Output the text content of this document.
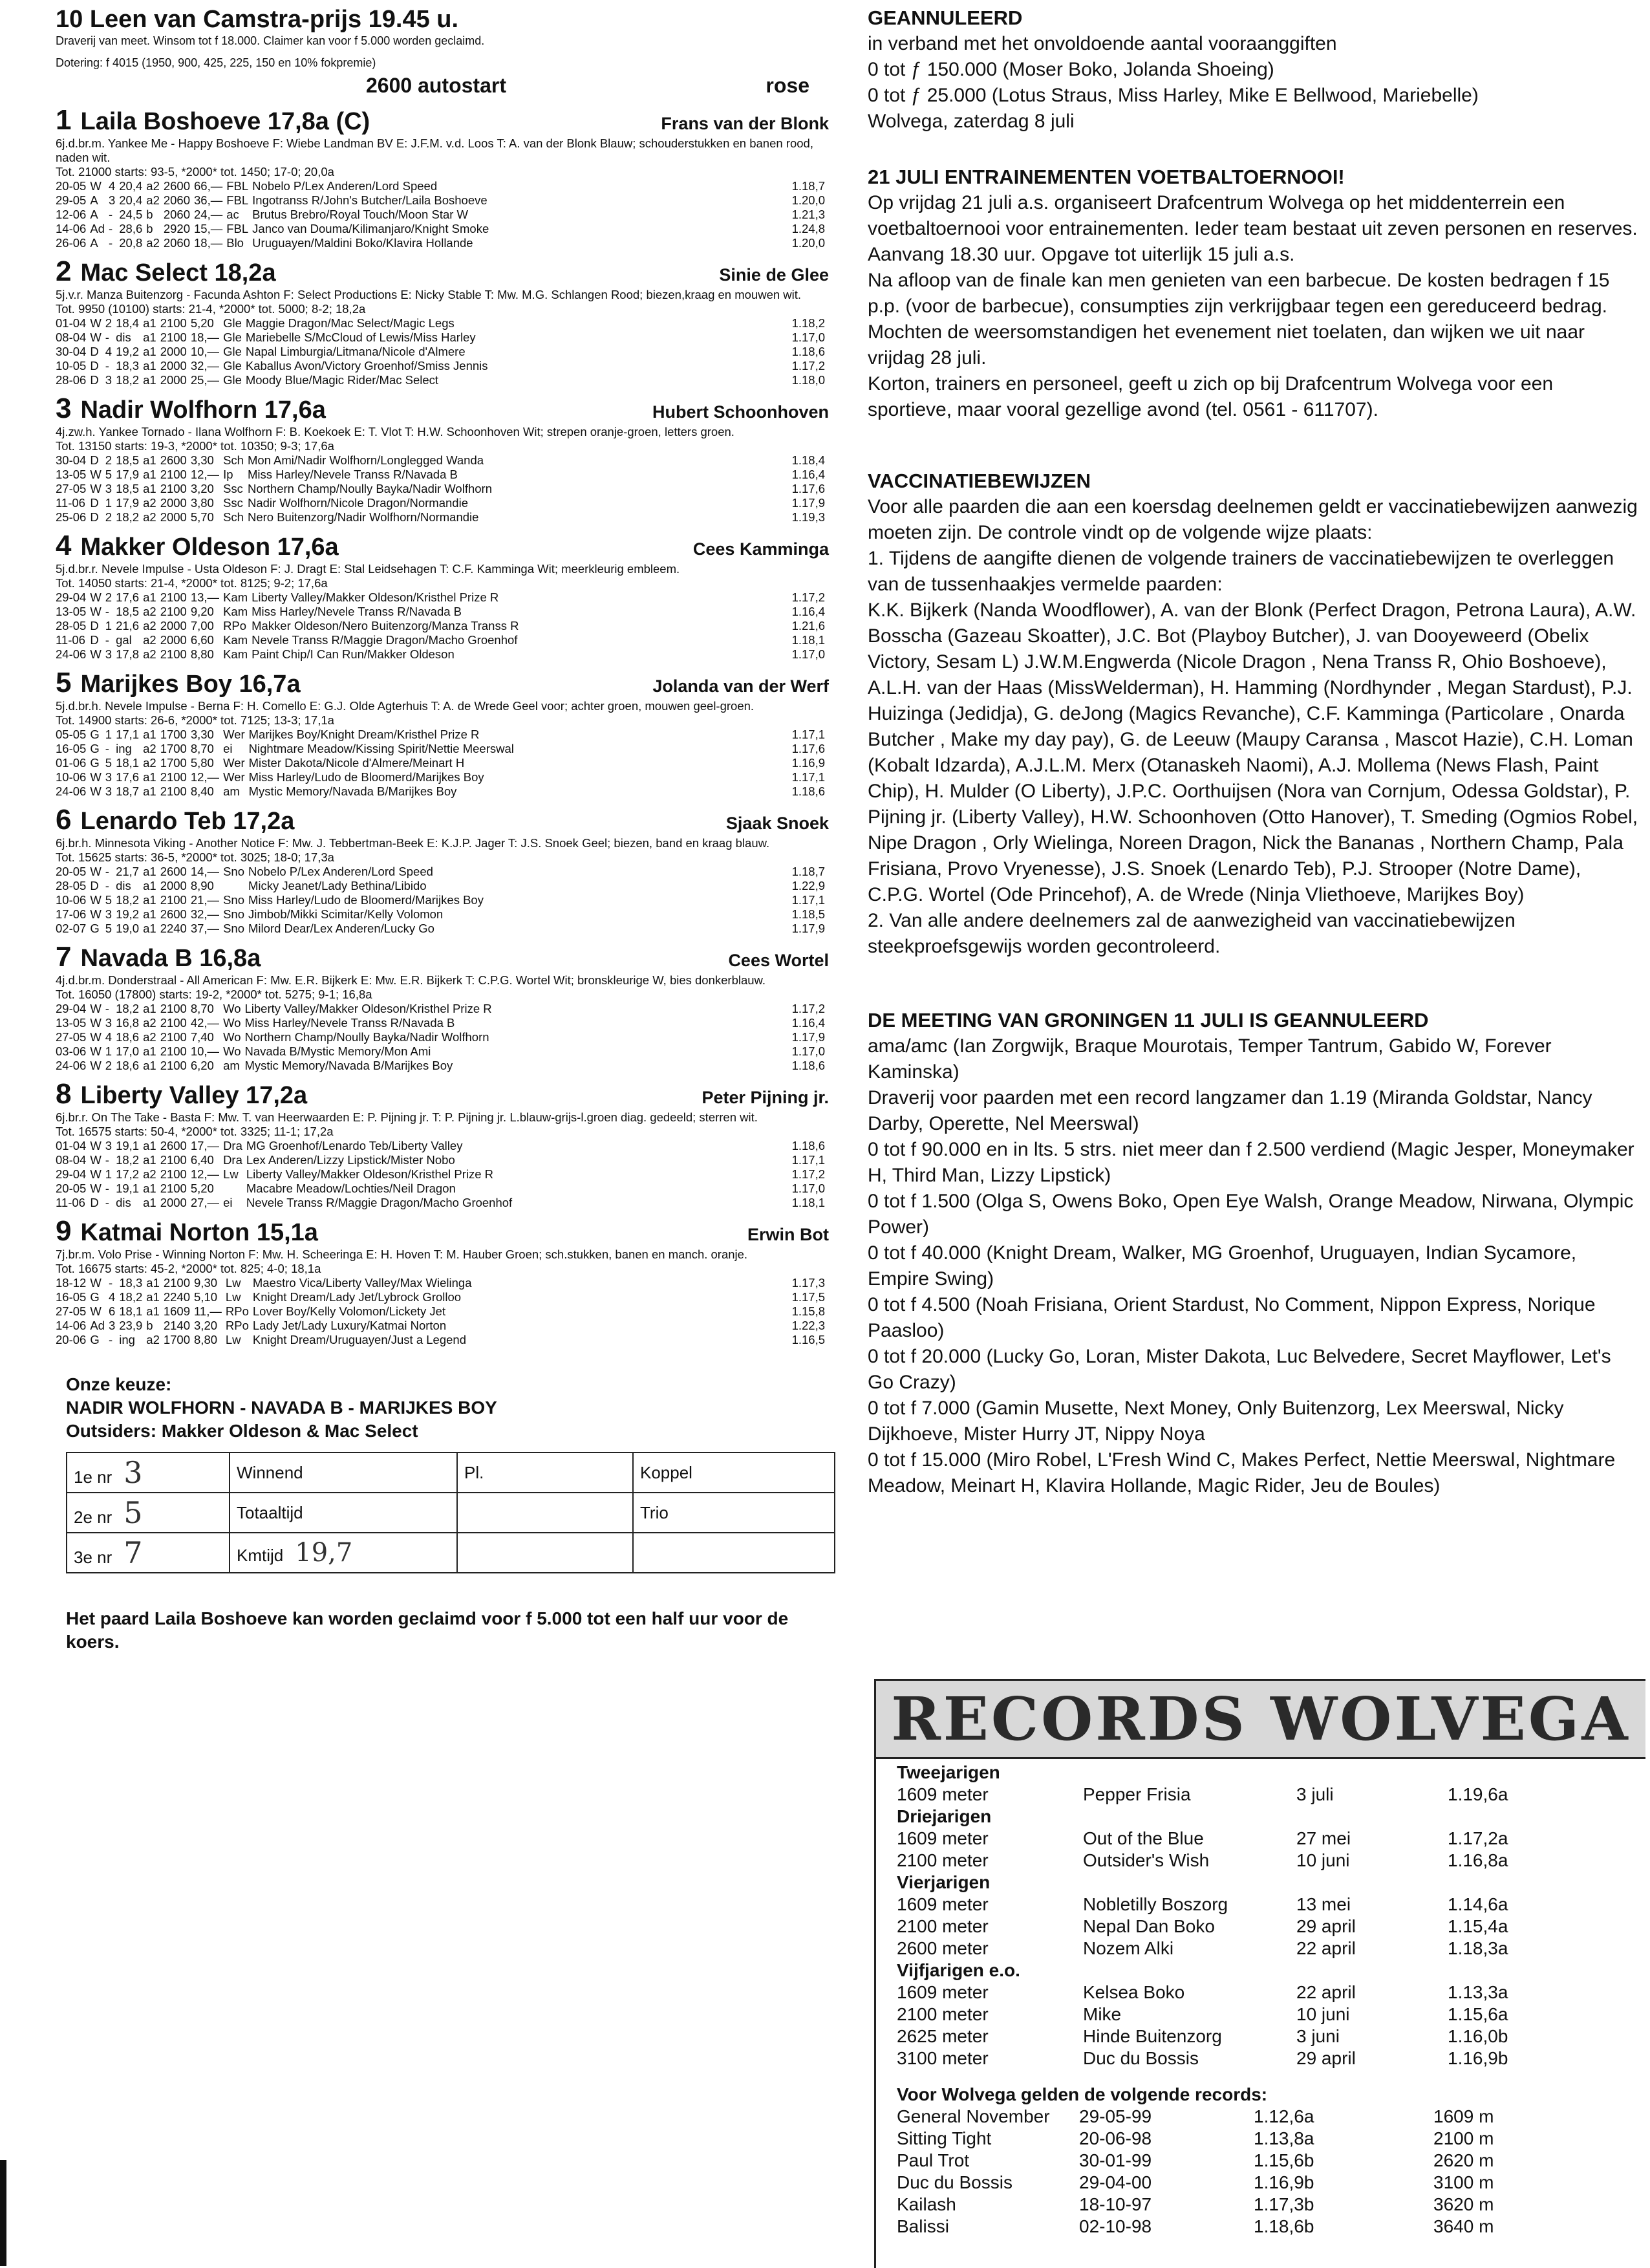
10 Leen van Camstra-prijs 19.45 u.
Draverij van meet. Winsom tot f 18.000. Claimer kan voor f 5.000 worden geclaimd.
Dotering: f 4015 (1950, 900, 425, 225, 150 en 10% fokpremie)
2600 autostart	rose
1 Laila Boshoeve 17,8a (C)	Frans van der Blonk
6j.d.br.m. Yankee Me - Happy Boshoeve F: Wiebe Landman BV E: J.F.M. v.d. Loos T: A. van der Blonk Blauw; schouderstukken en banen rood, naden wit.
Tot. 21000 starts: 93-5, *2000* tot. 1450; 17-0; 20,0a
20-05	W	4	20,4	a2	2600	66,—	FBL	Nobelo P/Lex Anderen/Lord Speed	1.18,7
29-05	A	3	20,4	a2	2060	36,—	FBL	Ingotranss R/John's Butcher/Laila Boshoeve	1.20,0
12-06	A	-	24,5	b	2060	24,—	ac	Brutus Brebro/Royal Touch/Moon Star W	1.21,3
14-06	Ad	-	28,6	b	2920	15,—	FBL	Janco van Douma/Kilimanjaro/Knight Smoke	1.24,8
26-06	A	-	20,8	a2	2060	18,—	Blo	Uruguayen/Maldini Boko/Klavira Hollande	1.20,0
2 Mac Select 18,2a	Sinie de Glee
5j.v.r. Manza Buitenzorg - Facunda Ashton F: Select Productions E: Nicky Stable T: Mw. M.G. Schlangen Rood; biezen,kraag en mouwen wit.
Tot. 9950 (10100) starts: 21-4, *2000* tot. 5000; 8-2; 18,2a
01-04	W	2	18,4	a1	2100	5,20	Gle	Maggie Dragon/Mac Select/Magic Legs	1.18,2
08-04	W	-	dis	a1	2100	18,—	Gle	Mariebelle S/McCloud of Lewis/Miss Harley	1.17,0
30-04	D	4	19,2	a1	2000	10,—	Gle	Napal Limburgia/Litmana/Nicole d'Almere	1.18,6
10-05	D	-	18,3	a1	2000	32,—	Gle	Kaballus Avon/Victory Groenhof/Smiss Jennis	1.17,2
28-06	D	3	18,2	a1	2000	25,—	Gle	Moody Blue/Magic Rider/Mac Select	1.18,0
3 Nadir Wolfhorn 17,6a	Hubert Schoonhoven
4j.zw.h. Yankee Tornado - Ilana Wolfhorn F: B. Koekoek E: T. Vlot T: H.W. Schoonhoven Wit; strepen oranje-groen, letters groen.
Tot. 13150 starts: 19-3, *2000* tot. 10350; 9-3; 17,6a
30-04	D	2	18,5	a1	2600	3,30	Sch	Mon Ami/Nadir Wolfhorn/Longlegged Wanda	1.18,4
13-05	W	5	17,9	a1	2100	12,—	Ip	Miss Harley/Nevele Transs R/Navada B	1.16,4
27-05	W	3	18,5	a1	2100	3,20	Ssc	Northern Champ/Noully Bayka/Nadir Wolfhorn	1.17,6
11-06	D	1	17,9	a2	2000	3,80	Ssc	Nadir Wolfhorn/Nicole Dragon/Normandie	1.17,9
25-06	D	2	18,2	a2	2000	5,70	Sch	Nero Buitenzorg/Nadir Wolfhorn/Normandie	1.19,3
4 Makker Oldeson 17,6a	Cees Kamminga
5j.d.br.r. Nevele Impulse - Usta Oldeson F: J. Dragt E: Stal Leidsehagen T: C.F. Kamminga Wit; meerkleurig embleem.
Tot. 14050 starts: 21-4, *2000* tot. 8125; 9-2; 17,6a
29-04	W	2	17,6	a1	2100	13,—	Kam	Liberty Valley/Makker Oldeson/Kristhel Prize R	1.17,2
13-05	W	-	18,5	a2	2100	9,20	Kam	Miss Harley/Nevele Transs R/Navada B	1.16,4
28-05	D	1	21,6	a2	2000	7,00	RPo	Makker Oldeson/Nero Buitenzorg/Manza Transs R	1.21,6
11-06	D	-	gal	a2	2000	6,60	Kam	Nevele Transs R/Maggie Dragon/Macho Groenhof	1.18,1
24-06	W	3	17,8	a2	2100	8,80	Kam	Paint Chip/I Can Run/Makker Oldeson	1.17,0
5 Marijkes Boy 16,7a	Jolanda van der Werf
5j.d.br.h. Nevele Impulse - Berna F: H. Comello E: G.J. Olde Agterhuis T: A. de Wrede Geel voor; achter groen, mouwen geel-groen.
Tot. 14900 starts: 26-6, *2000* tot. 7125; 13-3; 17,1a
05-05	G	1	17,1	a1	1700	3,30	Wer	Marijkes Boy/Knight Dream/Kristhel Prize R	1.17,1
16-05	G	-	ing	a2	1700	8,70	ei	Nightmare Meadow/Kissing Spirit/Nettie Meerswal	1.17,6
01-06	G	5	18,1	a2	1700	5,80	Wer	Mister Dakota/Nicole d'Almere/Meinart H	1.16,9
10-06	W	3	17,6	a1	2100	12,—	Wer	Miss Harley/Ludo de Bloomerd/Marijkes Boy	1.17,1
24-06	W	3	18,7	a1	2100	8,40	am	Mystic Memory/Navada B/Marijkes Boy	1.18,6
6 Lenardo Teb 17,2a	Sjaak Snoek
6j.br.h. Minnesota Viking - Another Notice F: Mw. J. Tebbertman-Beek E: K.J.P. Jager T: J.S. Snoek Geel; biezen, band en kraag blauw.
Tot. 15625 starts: 36-5, *2000* tot. 3025; 18-0; 17,3a
20-05	W	-	21,7	a1	2600	14,—	Sno	Nobelo P/Lex Anderen/Lord Speed	1.18,7
28-05	D	-	dis	a1	2000	8,90		Micky Jeanet/Lady Bethina/Libido	1.22,9
10-06	W	5	18,2	a1	2100	21,—	Sno	Miss Harley/Ludo de Bloomerd/Marijkes Boy	1.17,1
17-06	W	3	19,2	a1	2600	32,—	Sno	Jimbob/Mikki Scimitar/Kelly Volomon	1.18,5
02-07	G	5	19,0	a1	2240	37,—	Sno	Milord Dear/Lex Anderen/Lucky Go	1.17,9
7 Navada B 16,8a	Cees Wortel
4j.d.br.m. Donderstraal - All American F: Mw. E.R. Bijkerk E: Mw. E.R. Bijkerk T: C.P.G. Wortel Wit; bronskleurige W, bies donkerblauw.
Tot. 16050 (17800) starts: 19-2, *2000* tot. 5275; 9-1; 16,8a
29-04	W	-	18,2	a1	2100	8,70	Wo	Liberty Valley/Makker Oldeson/Kristhel Prize R	1.17,2
13-05	W	3	16,8	a2	2100	42,—	Wo	Miss Harley/Nevele Transs R/Navada B	1.16,4
27-05	W	4	18,6	a2	2100	7,40	Wo	Northern Champ/Noully Bayka/Nadir Wolfhorn	1.17,9
03-06	W	1	17,0	a1	2100	10,—	Wo	Navada B/Mystic Memory/Mon Ami	1.17,0
24-06	W	2	18,6	a1	2100	6,20	am	Mystic Memory/Navada B/Marijkes Boy	1.18,6
8 Liberty Valley 17,2a	Peter Pijning jr.
6j.br.r. On The Take - Basta F: Mw. T. van Heerwaarden E: P. Pijning jr. T: P. Pijning jr. L.blauw-grijs-l.groen diag. gedeeld; sterren wit.
Tot. 16575 starts: 50-4, *2000* tot. 3325; 11-1; 17,2a
01-04	W	3	19,1	a1	2600	17,—	Dra	MG Groenhof/Lenardo Teb/Liberty Valley	1.18,6
08-04	W	-	18,2	a1	2100	6,40	Dra	Lex Anderen/Lizzy Lipstick/Mister Nobo	1.17,1
29-04	W	1	17,2	a2	2100	12,—	Lw	Liberty Valley/Makker Oldeson/Kristhel Prize R	1.17,2
20-05	W	-	19,1	a1	2100	5,20		Macabre Meadow/Lochties/Neil Dragon	1.17,0
11-06	D	-	dis	a1	2000	27,—	ei	Nevele Transs R/Maggie Dragon/Macho Groenhof	1.18,1
9 Katmai Norton 15,1a	Erwin Bot
7j.br.m. Volo Prise - Winning Norton F: Mw. H. Scheeringa E: H. Hoven T: M. Hauber Groen; sch.stukken, banen en manch. oranje.
Tot. 16675 starts: 45-2, *2000* tot. 825; 4-0; 18,1a
18-12	W	-	18,3	a1	2100	9,30	Lw	Maestro Vica/Liberty Valley/Max Wielinga	1.17,3
16-05	G	4	18,2	a1	2240	5,10	Lw	Knight Dream/Lady Jet/Lybrock Grolloo	1.17,5
27-05	W	6	18,1	a1	1609	11,—	RPo	Lover Boy/Kelly Volomon/Lickety Jet	1.15,8
14-06	Ad	3	23,9	b	2140	3,20	RPo	Lady Jet/Lady Luxury/Katmai Norton	1.22,3
20-06	G	-	ing	a2	1700	8,80	Lw	Knight Dream/Uruguayen/Just a Legend	1.16,5
Onze keuze:
NADIR WOLFHORN - NAVADA B - MARIJKES BOY
Outsiders: Makker Oldeson & Mac Select
1e nr 3	Winnend	Pl.	Koppel
2e nr 5	Totaaltijd		Trio
3e nr 7	Kmtijd 19,7		
Het paard Laila Boshoeve kan worden geclaimd voor f 5.000 tot een half uur voor de koers.
GEANNULEERD
in verband met het onvoldoende aantal vooraanggiften
0 tot ƒ 150.000 (Moser Boko, Jolanda Shoeing)
0 tot ƒ 25.000 (Lotus Straus, Miss Harley, Mike E Bellwood, Mariebelle)
Wolvega, zaterdag 8 juli
21 JULI ENTRAINEMENTEN VOETBALTOERNOOI!
Op vrijdag 21 juli a.s. organiseert Drafcentrum Wolvega op het middenterrein een voetbaltoernooi voor entrainementen. Ieder team bestaat uit zeven personen en reserves. Aanvang 18.30 uur. Opgave tot uiterlijk 15 juli a.s.
Na afloop van de finale kan men genieten van een barbecue. De kosten bedragen f 15 p.p. (voor de barbecue), consumpties zijn verkrijgbaar tegen een gereduceerd bedrag. Mochten de weersomstandigen het evenement niet toelaten, dan wijken we uit naar vrijdag 28 juli.
Korton, trainers en personeel, geeft u zich op bij Drafcentrum Wolvega voor een sportieve, maar vooral gezellige avond (tel. 0561 - 611707).
VACCINATIEBEWIJZEN
Voor alle paarden die aan een koersdag deelnemen geldt er vaccinatiebewijzen aanwezig moeten zijn. De controle vindt op de volgende wijze plaats:
1. Tijdens de aangifte dienen de volgende trainers de vaccinatiebewijzen te overleggen van de tussenhaakjes vermelde paarden:
K.K. Bijkerk (Nanda Woodflower), A. van der Blonk (Perfect Dragon, Petrona Laura), A.W. Bosscha (Gazeau Skoatter), J.C. Bot (Playboy Butcher), J. van Dooyeweerd (Obelix Victory, Sesam L) J.W.M.Engwerda (Nicole Dragon , Nena Transs R, Ohio Boshoeve), A.L.H. van der Haas (MissWelderman), H. Hamming (Nordhynder , Megan Stardust), P.J. Huizinga (Jedidja), G. deJong (Magics Revanche), C.F. Kamminga (Particolare , Onarda Butcher , Make my day pay), G. de Leeuw (Maupy Caransa , Mascot Hazie), C.H. Loman (Kobalt Idzarda), A.J.L.M. Merx (Otanaskeh Naomi), A.J. Mollema (News Flash, Paint Chip), H. Mulder (O Liberty), J.P.C. Oorthuijsen (Nora van Cornjum, Odessa Goldstar), P. Pijning jr. (Liberty Valley), H.W. Schoonhoven (Otto Hanover), T. Smeding (Ogmios Robel, Nipe Dragon , Orly Wielinga, Noreen Dragon, Nick the Bananas , Northern Champ, Pala Frisiana, Provo Vryenesse), J.S. Snoek (Lenardo Teb), P.J. Strooper (Notre Dame), C.P.G. Wortel (Ode Princehof), A. de Wrede (Ninja Vliethoeve, Marijkes Boy)
2. Van alle andere deelnemers zal de aanwezigheid van vaccinatiebewijzen steekproefsgewijs worden gecontroleerd.
DE MEETING VAN GRONINGEN 11 JULI IS GEANNULEERD
ama/amc (Ian Zorgwijk, Braque Mourotais, Temper Tantrum, Gabido W, Forever Kaminska)
Draverij voor paarden met een record langzamer dan 1.19 (Miranda Goldstar, Nancy Darby, Operette, Nel Meerswal)
0 tot f 90.000 en in lts. 5 strs. niet meer dan f 2.500 verdiend (Magic Jesper, Moneymaker H, Third Man, Lizzy Lipstick)
0 tot f 1.500 (Olga S, Owens Boko, Open Eye Walsh, Orange Meadow, Nirwana, Olympic Power)
0 tot f 40.000 (Knight Dream, Walker, MG Groenhof, Uruguayen, Indian Sycamore, Empire Swing)
0 tot f 4.500 (Noah Frisiana, Orient Stardust, No Comment, Nippon Express, Norique Paasloo)
0 tot f 20.000 (Lucky Go, Loran, Mister Dakota, Luc Belvedere, Secret Mayflower, Let's Go Crazy)
0 tot f 7.000 (Gamin Musette, Next Money, Only Buitenzorg, Lex Meerswal, Nicky Dijkhoeve, Mister Hurry JT, Nippy Noya
0 tot f 15.000 (Miro Robel, L'Fresh Wind C, Makes Perfect, Nettie Meerswal, Nightmare Meadow, Meinart H, Klavira Hollande, Magic Rider, Jeu de Boules)
RECORDS WOLVEGA
Tweejarigen
1609 meter	Pepper Frisia	3 juli	1.19,6a
Driejarigen
1609 meter	Out of the Blue	27 mei	1.17,2a
2100 meter	Outsider's Wish	10 juni	1.16,8a
Vierjarigen
1609 meter	Nobletilly Boszorg	13 mei	1.14,6a
2100 meter	Nepal Dan Boko	29 april	1.15,4a
2600 meter	Nozem Alki	22 april	1.18,3a
Vijfjarigen e.o.
1609 meter	Kelsea Boko	22 april	1.13,3a
2100 meter	Mike	10 juni	1.15,6a
2625 meter	Hinde Buitenzorg	3 juni	1.16,0b
3100 meter	Duc du Bossis	29 april	1.16,9b
Voor Wolvega gelden de volgende records:
General November	29-05-99	1.12,6a	1609 m
Sitting Tight	20-06-98	1.13,8a	2100 m
Paul Trot	30-01-99	1.15,6b	2620 m
Duc du Bossis	29-04-00	1.16,9b	3100 m
Kailash	18-10-97	1.17,3b	3620 m
Balissi	02-10-98	1.18,6b	3640 m
